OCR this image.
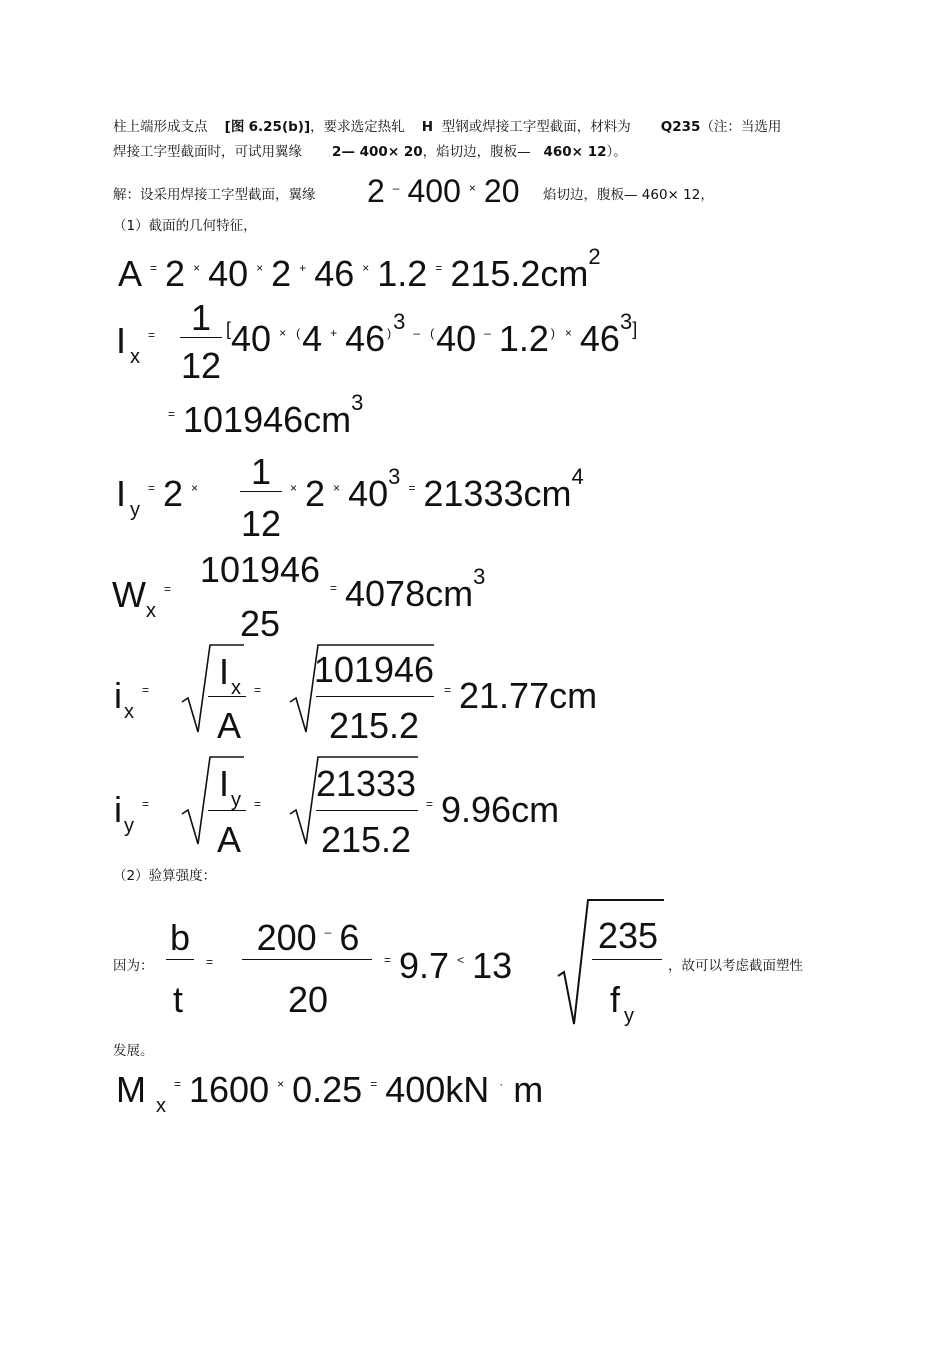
柱上端形成支点 [图 6.25(b)]，要求选定热轧 H 型钢或焊接工字型截面，材料为 Q235（注：当选用
焊接工字型截面时，可试用翼缘 2— 400× 20，焰切边，腹板— 460× 12）。
解：设采用焊接工字型截面，翼缘 2 – 400 × 20 焰切边，腹板— 460× 12，
（1）截面的几何特征，
A = 2 × 40 × 2 + 46 × 1.2 = $215.2cm^2$
I $_x$= 1
12
[40 × (4 + 46 $^{)3}$ – (40 – 1.2 ) × $46^{3]}$
= $101946cm^3$
I $_y$= 2 ×	1
12
× 2 × $40^3$ = $21333cm^4$
$W_x^=$ 101946
25
= $4078cm^3$
i $_x$=	I $_x$
A
= 101946
215.2
= 21.77cm
i $_y$=	I $_y$
A
= 21333
215.2
= 9.96cm
（2）验算强度：
因为：
b
t
=
200 – 6
20
= 9.7 < 13
235
f $_y$
，故可以考虑截面塑性
发展。
M $_x$= 1600 × 0.25 = 400kN · m
